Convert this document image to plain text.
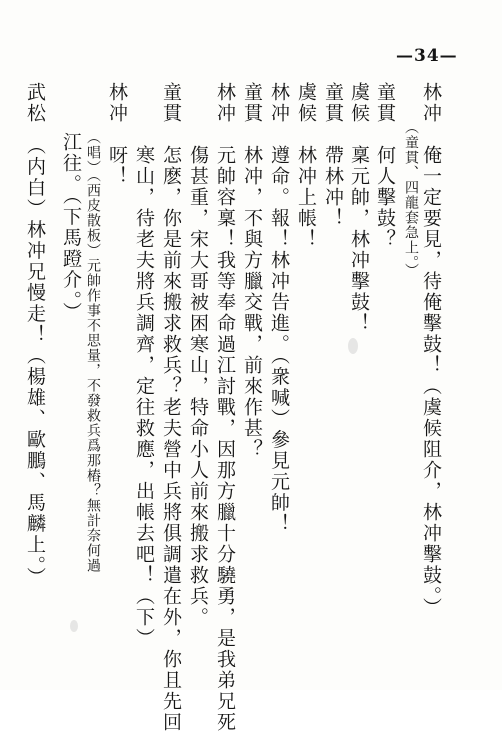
—34—
林冲　俺一定要見，待俺擊鼓！（虞候阻介，林冲擊鼓。）
（童貫、四龍套急上。）
童貫　何人擊鼓？
虞候　稟元帥，林冲擊鼓！
童貫　帶林冲！
虞候　林冲上帳！
林冲　遵命。報！林冲告進。（衆喊）參見元帥！
童貫　林冲，不與方臘交戰，前來作甚？
林冲　元帥容稟！我等奉命過江討戰，因那方臘十分驍勇，是我弟兄死
　　　傷甚重，宋大哥被困寒山，特命小人前來搬求救兵。
童貫　怎麽，你是前來搬求救兵？老夫營中兵將俱調遣在外，你且先回
　　　寒山，待老夫將兵調齊，定往救應，出帳去吧！（下）
林冲　呀！
（唱）（西皮散板）元帥作事不思量，不發救兵爲那樁？無計奈何過
江往。（下馬蹬介。）
武松　（内白）林冲兄慢走！（楊雄、歐鵬、馬麟上。）
